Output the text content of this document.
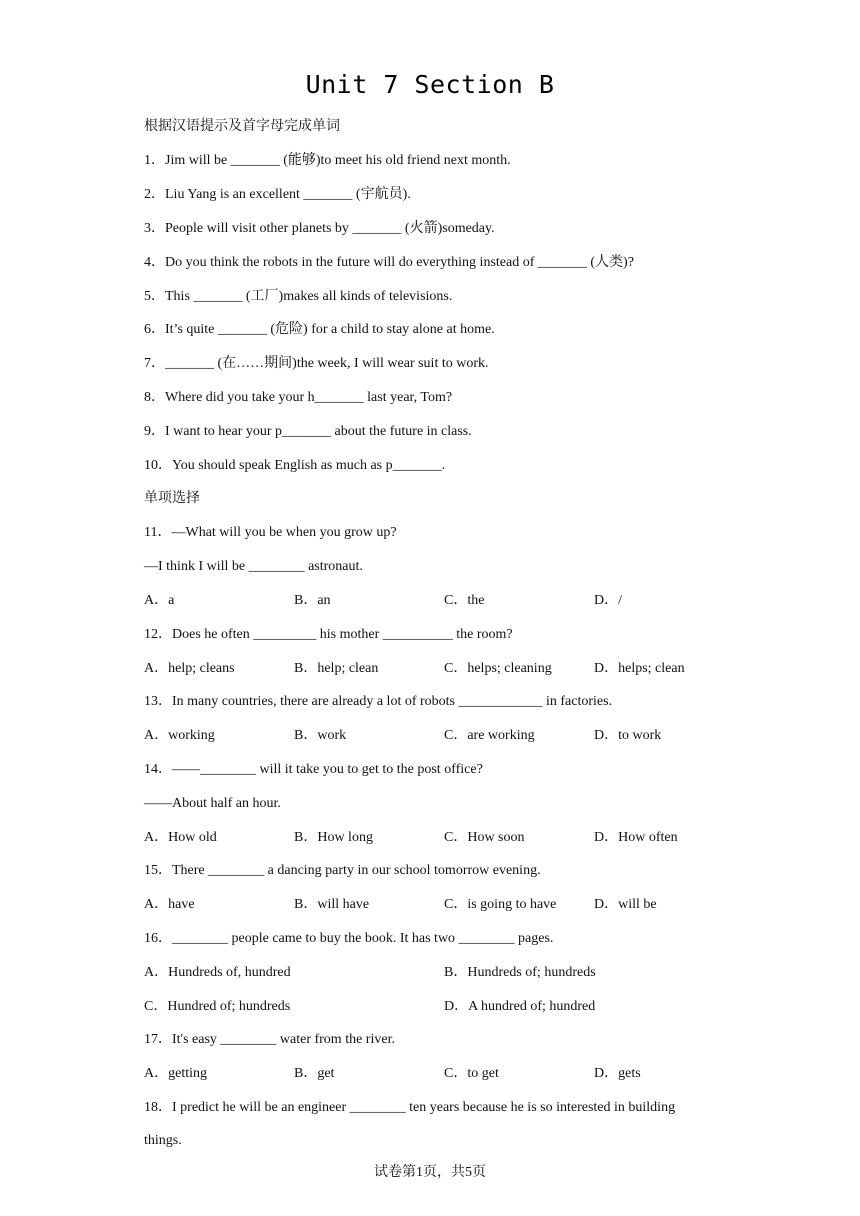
Unit 7 Section B
根据汉语提示及首字母完成单词
1．Jim will be _______ (能够)to meet his old friend next month.
2．Liu Yang is an excellent _______ (宇航员).
3．People will visit other planets by _______ (火箭)someday.
4．Do you think the robots in the future will do everything instead of _______ (人类)?
5．This _______ (工厂)makes all kinds of televisions.
6．It’s quite _______ (危险) for a child to stay alone at home.
7．_______ (在……期间)the week, I will wear suit to work.
8．Where did you take your h_______ last year, Tom?
9．I want to hear your p_______ about the future in class.
10．You should speak English as much as p_______.
单项选择
11．—What will you be when you grow up?
—I think I will be ________ astronaut.
A．a	B．an	C．the	D．/
12．Does he often _________ his mother __________ the room?
A．help; cleans	B．help; clean	C．helps; cleaning	D．helps; clean
13．In many countries, there are already a lot of robots ____________ in factories.
A．working	B．work	C．are working	D．to work
14．——________ will it take you to get to the post office?
——About half an hour.
A．How old	B．How long	C．How soon	D．How often
15．There ________ a dancing party in our school tomorrow evening.
A．have	B．will have	C．is going to have	D．will be
16．________ people came to buy the book. It has two ________ pages.
A．Hundreds of, hundred	B．Hundreds of; hundreds
C．Hundred of; hundreds	D．A hundred of; hundred
17．It's easy ________ water from the river.
A．getting	B．get	C．to get	D．gets
18．I predict he will be an engineer ________ ten years because he is so interested in building
things.
试卷第1页，共5页
